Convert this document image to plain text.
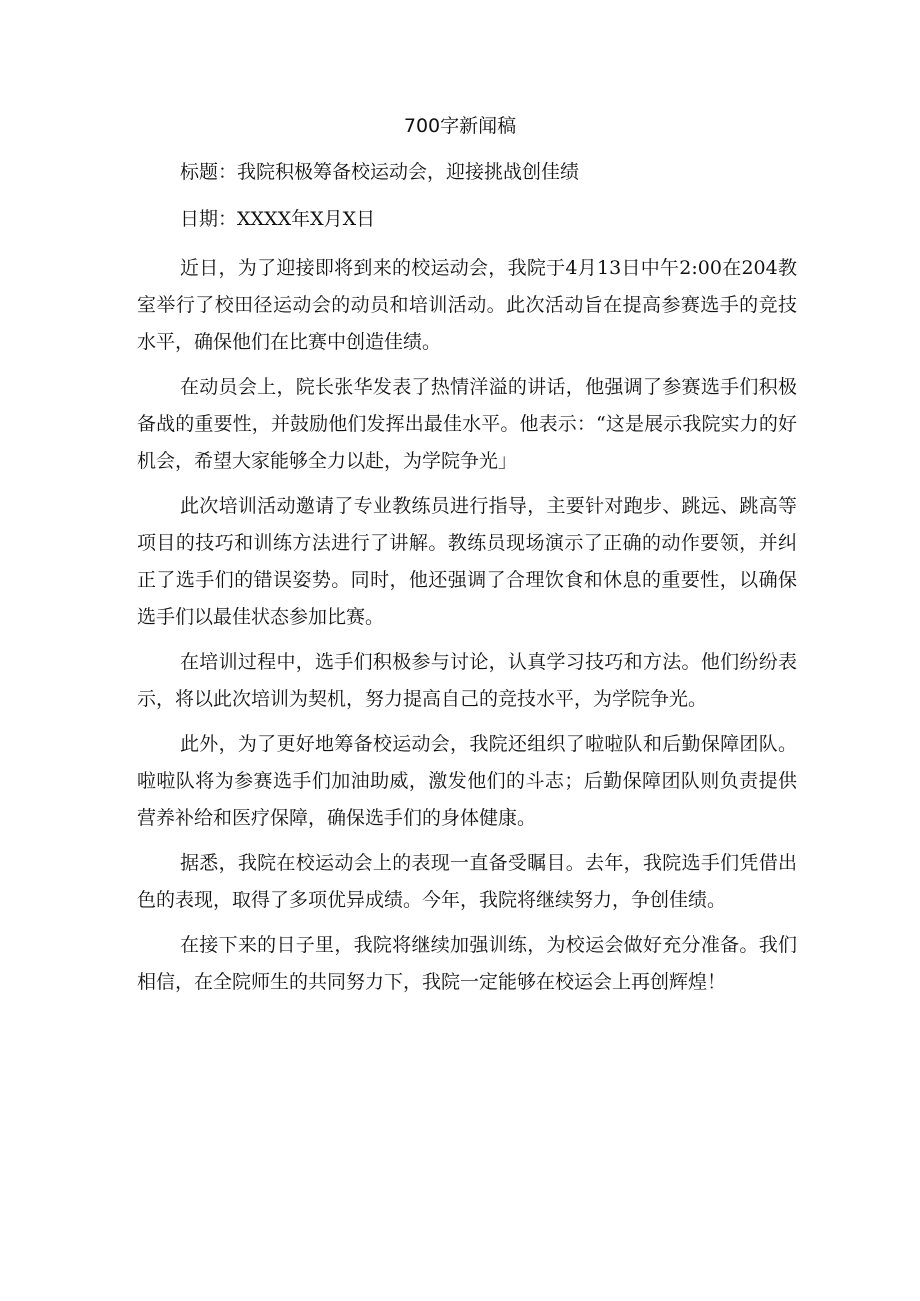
700字新闻稿
标题：我院积极筹备校运动会，迎接挑战创佳绩
日期：XXXX年X月X日

近日，为了迎接即将到来的校运动会，我院于4月13日中午2:00在204教室举行了校田径运动会的动员和培训活动。此次活动旨在提高参赛选手的竞技水平，确保他们在比赛中创造佳绩。

在动员会上，院长张华发表了热情洋溢的讲话，他强调了参赛选手们积极备战的重要性，并鼓励他们发挥出最佳水平。他表示：“这是展示我院实力的好机会，希望大家能够全力以赴，为学院争光」

此次培训活动邀请了专业教练员进行指导，主要针对跑步、跳远、跳高等项目的技巧和训练方法进行了讲解。教练员现场演示了正确的动作要领，并纠正了选手们的错误姿势。同时，他还强调了合理饮食和休息的重要性，以确保选手们以最佳状态参加比赛。

在培训过程中，选手们积极参与讨论，认真学习技巧和方法。他们纷纷表示，将以此次培训为契机，努力提高自己的竞技水平，为学院争光。

此外，为了更好地筹备校运动会，我院还组织了啦啦队和后勤保障团队。啦啦队将为参赛选手们加油助威，激发他们的斗志；后勤保障团队则负责提供营养补给和医疗保障，确保选手们的身体健康。

据悉，我院在校运动会上的表现一直备受瞩目。去年，我院选手们凭借出色的表现，取得了多项优异成绩。今年，我院将继续努力，争创佳绩。

在接下来的日子里，我院将继续加强训练，为校运会做好充分准备。我们相信，在全院师生的共同努力下，我院一定能够在校运会上再创辉煌！
